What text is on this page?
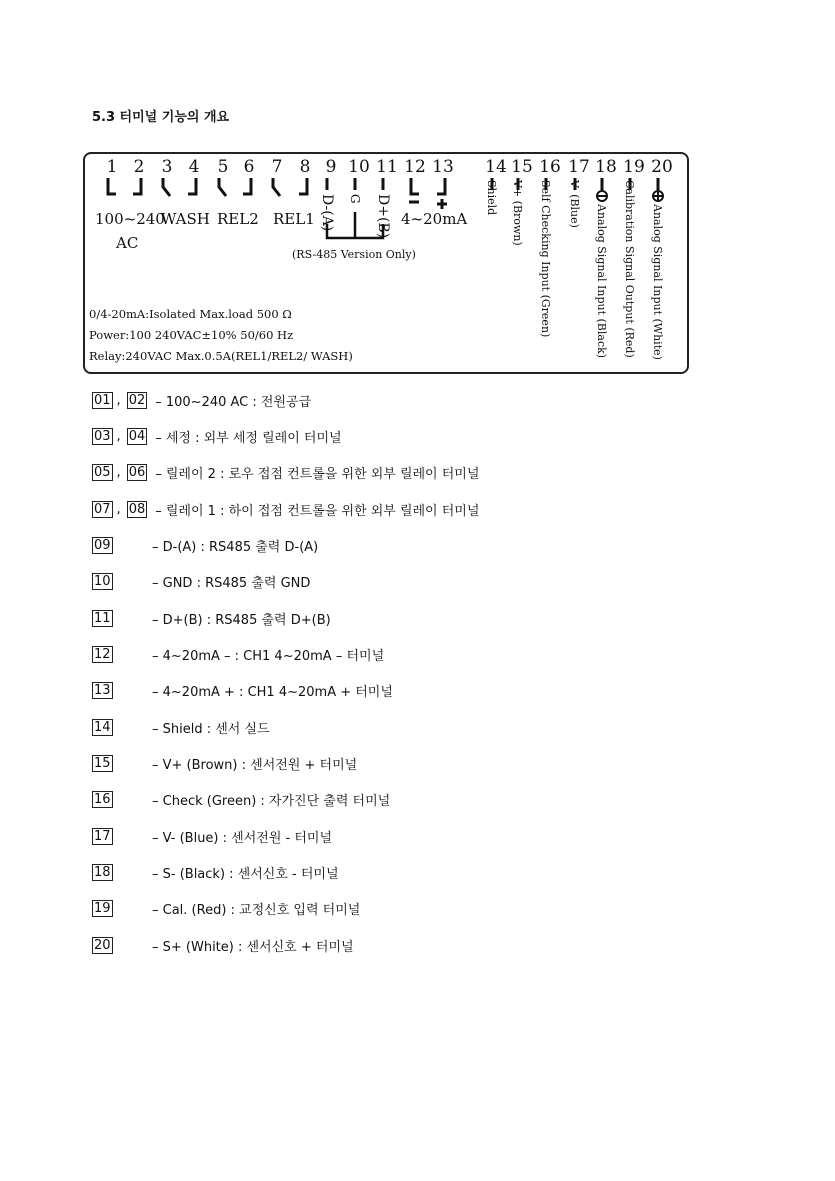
5.3 터미널 기능의 개요
1 2 3 4 5 6 7 8 9 10 11 12 13 14 15 16 17 18 19 20
100~240
AC
WASH REL2 REL1	4~20mA
(RS-485 Version Only)
D-(A) G D+(B)	Shield V+ (Brown) Self Checking Input (Green) V- (Blue)
Analog Signal Input (Black) Calibration Signal Output (Red) Analog Signal Input (White)
0/4-20mA:Isolated Max.load 500 Ω
Power:100 240VAC±10% 50/60 Hz
Relay:240VAC Max.0.5A(REL1/REL2/ WASH)
01 , 02 – 100~240 AC : 전원공급
03 , 04 – 세정 : 외부 세정 릴레이 터미널
05 , 06 – 릴레이 2 : 로우 접점 컨트롤을 위한 외부 릴레이 터미널
07 , 08 – 릴레이 1 : 하이 접점 컨트롤을 위한 외부 릴레이 터미널
09	– D-(A) : RS485 출력 D-(A)
10	– GND : RS485 출력 GND
11	– D+(B) : RS485 출력 D+(B)
12	– 4~20mA – : CH1 4~20mA – 터미널
13	– 4~20mA + : CH1 4~20mA + 터미널
14	– Shield : 센서 실드
15	– V+ (Brown) : 센서전원 + 터미널
16	– Check (Green) : 자가진단 출력 터미널
17	– V- (Blue) : 센서전원 - 터미널
18	– S- (Black) : 센서신호 - 터미널
19	– Cal. (Red) : 교정신호 입력 터미널
20	– S+ (White) : 센서신호 + 터미널
